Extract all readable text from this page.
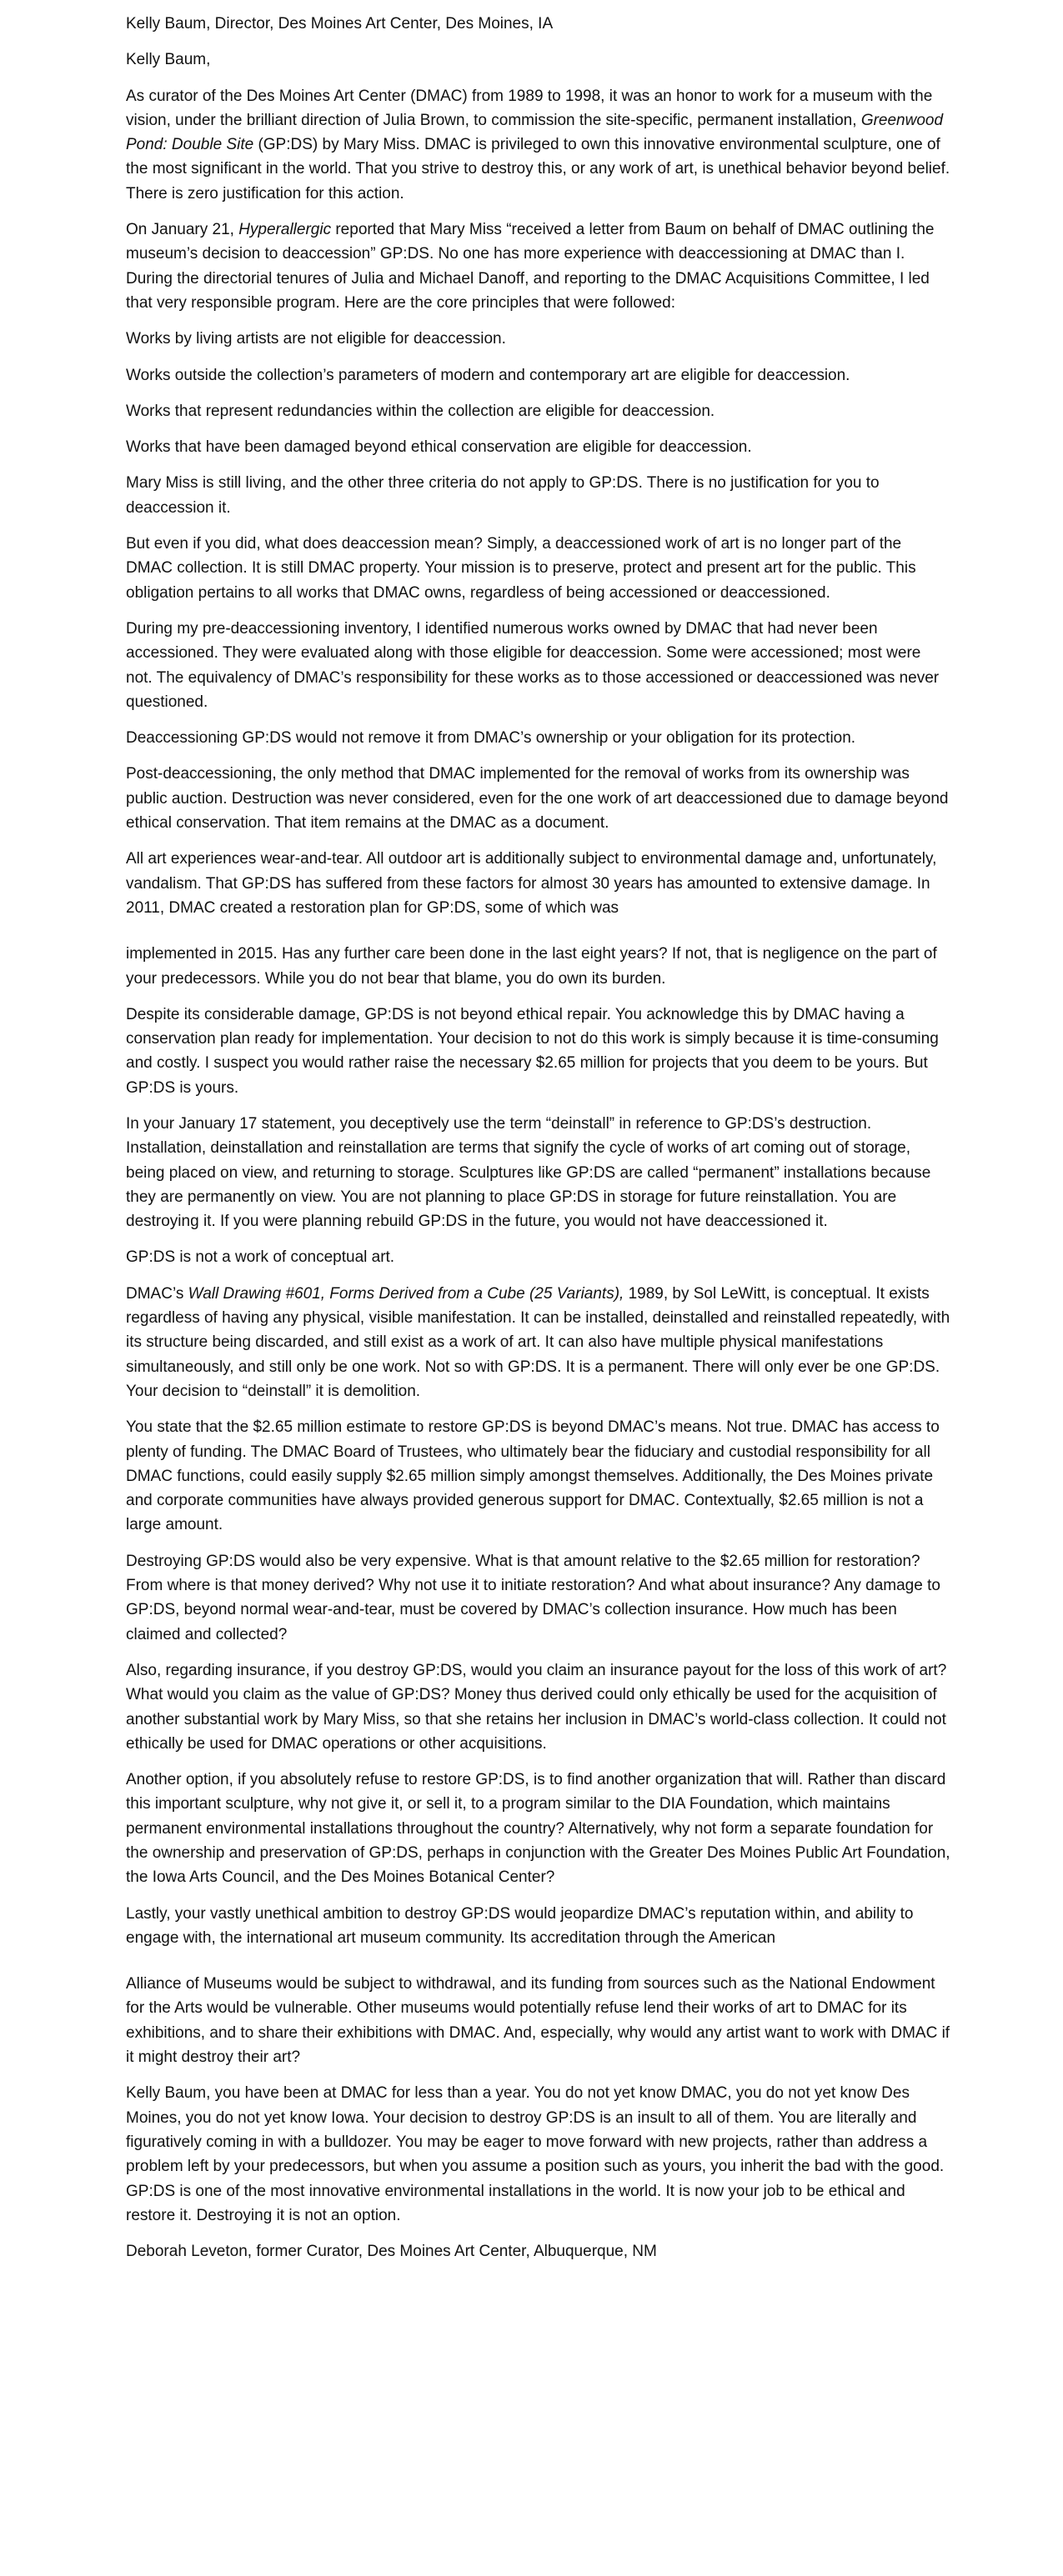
Kelly Baum, Director, Des Moines Art Center, Des Moines, IA

Kelly Baum,

As curator of the Des Moines Art Center (DMAC) from 1989 to 1998, it was an honor to work for a museum with the vision, under the brilliant direction of Julia Brown, to commission the site-specific, permanent installation, Greenwood Pond: Double Site (GP:DS) by Mary Miss. DMAC is privileged to own this innovative environmental sculpture, one of the most significant in the world. That you strive to destroy this, or any work of art, is unethical behavior beyond belief. There is zero justification for this action.

On January 21, Hyperallergic reported that Mary Miss “received a letter from Baum on behalf of DMAC outlining the museum’s decision to deaccession” GP:DS. No one has more experience with deaccessioning at DMAC than I. During the directorial tenures of Julia and Michael Danoff, and reporting to the DMAC Acquisitions Committee, I led that very responsible program. Here are the core principles that were followed:

Works by living artists are not eligible for deaccession.

Works outside the collection’s parameters of modern and contemporary art are eligible for deaccession.

Works that represent redundancies within the collection are eligible for deaccession.

Works that have been damaged beyond ethical conservation are eligible for deaccession.

Mary Miss is still living, and the other three criteria do not apply to GP:DS. There is no justification for you to deaccession it.

But even if you did, what does deaccession mean? Simply, a deaccessioned work of art is no longer part of the DMAC collection. It is still DMAC property. Your mission is to preserve, protect and present art for the public. This obligation pertains to all works that DMAC owns, regardless of being accessioned or deaccessioned.

During my pre-deaccessioning inventory, I identified numerous works owned by DMAC that had never been accessioned. They were evaluated along with those eligible for deaccession. Some were accessioned; most were not. The equivalency of DMAC’s responsibility for these works as to those accessioned or deaccessioned was never questioned.

Deaccessioning GP:DS would not remove it from DMAC’s ownership or your obligation for its protection.

Post-deaccessioning, the only method that DMAC implemented for the removal of works from its ownership was public auction. Destruction was never considered, even for the one work of art deaccessioned due to damage beyond ethical conservation. That item remains at the DMAC as a document.

All art experiences wear-and-tear. All outdoor art is additionally subject to environmental damage and, unfortunately, vandalism. That GP:DS has suffered from these factors for almost 30 years has amounted to extensive damage. In 2011, DMAC created a restoration plan for GP:DS, some of which was

implemented in 2015. Has any further care been done in the last eight years? If not, that is negligence on the part of your predecessors. While you do not bear that blame, you do own its burden.

Despite its considerable damage, GP:DS is not beyond ethical repair. You acknowledge this by DMAC having a conservation plan ready for implementation. Your decision to not do this work is simply because it is time-consuming and costly. I suspect you would rather raise the necessary $2.65 million for projects that you deem to be yours. But GP:DS is yours.

In your January 17 statement, you deceptively use the term “deinstall” in reference to GP:DS’s destruction. Installation, deinstallation and reinstallation are terms that signify the cycle of works of art coming out of storage, being placed on view, and returning to storage. Sculptures like GP:DS are called “permanent” installations because they are permanently on view. You are not planning to place GP:DS in storage for future reinstallation. You are destroying it. If you were planning rebuild GP:DS in the future, you would not have deaccessioned it.

GP:DS is not a work of conceptual art.

DMAC’s Wall Drawing #601, Forms Derived from a Cube (25 Variants), 1989, by Sol LeWitt, is conceptual. It exists regardless of having any physical, visible manifestation. It can be installed, deinstalled and reinstalled repeatedly, with its structure being discarded, and still exist as a work of art. It can also have multiple physical manifestations simultaneously, and still only be one work. Not so with GP:DS. It is a permanent. There will only ever be one GP:DS. Your decision to “deinstall” it is demolition.

You state that the $2.65 million estimate to restore GP:DS is beyond DMAC’s means. Not true. DMAC has access to plenty of funding. The DMAC Board of Trustees, who ultimately bear the fiduciary and custodial responsibility for all DMAC functions, could easily supply $2.65 million simply amongst themselves. Additionally, the Des Moines private and corporate communities have always provided generous support for DMAC. Contextually, $2.65 million is not a large amount.

Destroying GP:DS would also be very expensive. What is that amount relative to the $2.65 million for restoration? From where is that money derived? Why not use it to initiate restoration? And what about insurance? Any damage to GP:DS, beyond normal wear-and-tear, must be covered by DMAC’s collection insurance. How much has been claimed and collected?

Also, regarding insurance, if you destroy GP:DS, would you claim an insurance payout for the loss of this work of art? What would you claim as the value of GP:DS? Money thus derived could only ethically be used for the acquisition of another substantial work by Mary Miss, so that she retains her inclusion in DMAC’s world-class collection. It could not ethically be used for DMAC operations or other acquisitions.

Another option, if you absolutely refuse to restore GP:DS, is to find another organization that will. Rather than discard this important sculpture, why not give it, or sell it, to a program similar to the DIA Foundation, which maintains permanent environmental installations throughout the country? Alternatively, why not form a separate foundation for the ownership and preservation of GP:DS, perhaps in conjunction with the Greater Des Moines Public Art Foundation, the Iowa Arts Council, and the Des Moines Botanical Center?

Lastly, your vastly unethical ambition to destroy GP:DS would jeopardize DMAC’s reputation within, and ability to engage with, the international art museum community. Its accreditation through the American

Alliance of Museums would be subject to withdrawal, and its funding from sources such as the National Endowment for the Arts would be vulnerable. Other museums would potentially refuse lend their works of art to DMAC for its exhibitions, and to share their exhibitions with DMAC. And, especially, why would any artist want to work with DMAC if it might destroy their art?

Kelly Baum, you have been at DMAC for less than a year. You do not yet know DMAC, you do not yet know Des Moines, you do not yet know Iowa. Your decision to destroy GP:DS is an insult to all of them. You are literally and figuratively coming in with a bulldozer. You may be eager to move forward with new projects, rather than address a problem left by your predecessors, but when you assume a position such as yours, you inherit the bad with the good. GP:DS is one of the most innovative environmental installations in the world. It is now your job to be ethical and restore it. Destroying it is not an option.

Deborah Leveton, former Curator, Des Moines Art Center, Albuquerque, NM
